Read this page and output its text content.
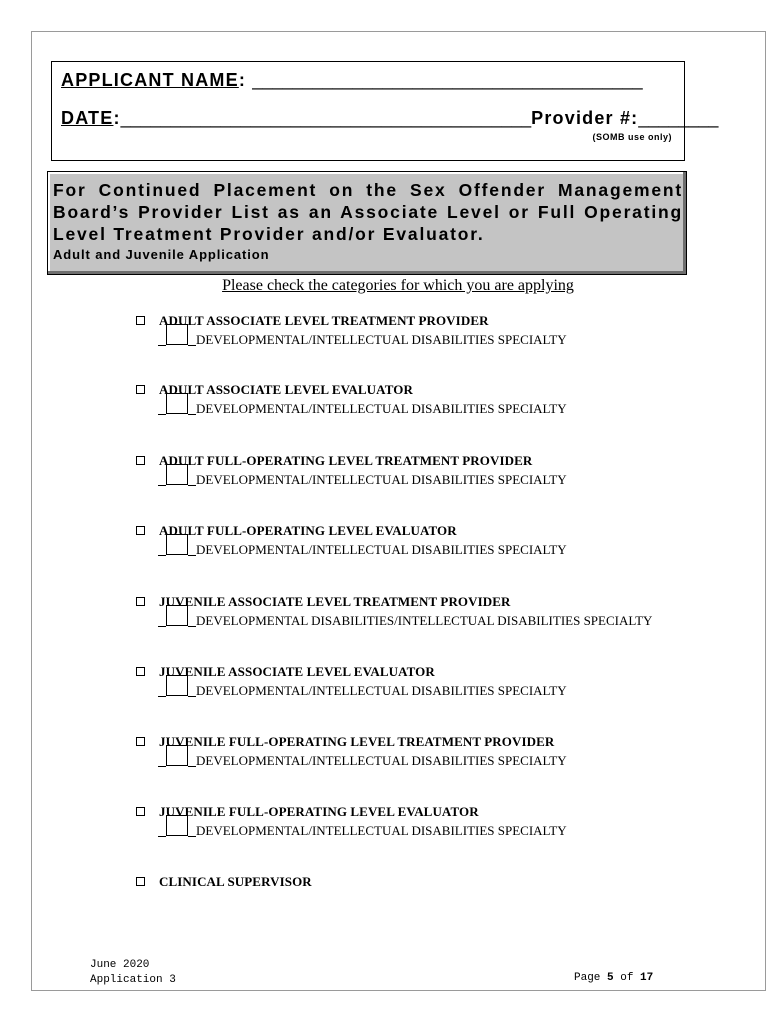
APPLICANT NAME: _______________________________________
DATE:_________________________________________Provider #:________
(SOMB use only)

For Continued Placement on the Sex Offender Management Board’s Provider List as an Associate Level or Full Operating Level Treatment Provider and/or Evaluator.

Adult and Juvenile Application
Please check the categories for which you are applying
ADULT ASSOCIATE LEVEL TREATMENT PROVIDER
DEVELOPMENTAL/INTELLECTUAL DISABILITIES SPECIALTY
ADULT ASSOCIATE LEVEL EVALUATOR
DEVELOPMENTAL/INTELLECTUAL DISABILITIES SPECIALTY
ADULT FULL-OPERATING LEVEL TREATMENT PROVIDER
DEVELOPMENTAL/INTELLECTUAL DISABILITIES SPECIALTY
ADULT FULL-OPERATING LEVEL EVALUATOR
DEVELOPMENTAL/INTELLECTUAL DISABILITIES SPECIALTY
JUVENILE ASSOCIATE LEVEL TREATMENT PROVIDER
DEVELOPMENTAL DISABILITIES/INTELLECTUAL DISABILITIES SPECIALTY
JUVENILE ASSOCIATE LEVEL EVALUATOR
DEVELOPMENTAL/INTELLECTUAL DISABILITIES SPECIALTY
JUVENILE FULL-OPERATING LEVEL TREATMENT PROVIDER
DEVELOPMENTAL/INTELLECTUAL DISABILITIES SPECIALTY
JUVENILE FULL-OPERATING LEVEL EVALUATOR
DEVELOPMENTAL/INTELLECTUAL DISABILITIES SPECIALTY
CLINICAL SUPERVISOR
June 2020
Application 3	Page 5 of 17
